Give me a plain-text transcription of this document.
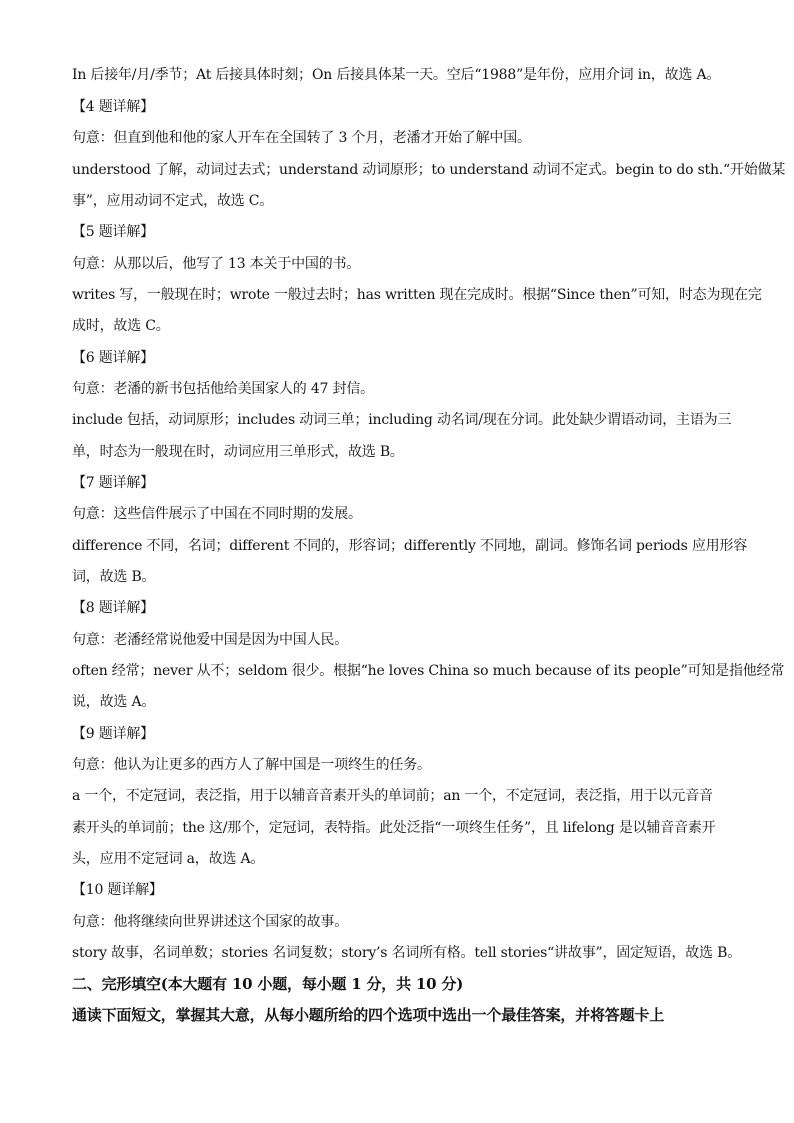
In 后接年/月/季节；At 后接具体时刻；On 后接具体某一天。空后“1988”是年份，应用介词 in，故选 A。
【4 题详解】
句意：但直到他和他的家人开车在全国转了 3 个月，老潘才开始了解中国。
understood 了解，动词过去式；understand 动词原形；to understand 动词不定式。begin to do sth.“开始做某
事”，应用动词不定式，故选 C。
【5 题详解】
句意：从那以后，他写了 13 本关于中国的书。
writes 写，一般现在时；wrote 一般过去时；has written 现在完成时。根据“Since then”可知，时态为现在完
成时，故选 C。
【6 题详解】
句意：老潘的新书包括他给美国家人的 47 封信。
include 包括，动词原形；includes 动词三单；including 动名词/现在分词。此处缺少谓语动词，主语为三
单，时态为一般现在时，动词应用三单形式，故选 B。
【7 题详解】
句意：这些信件展示了中国在不同时期的发展。
difference 不同，名词；different 不同的，形容词；differently 不同地，副词。修饰名词 periods 应用形容
词，故选 B。
【8 题详解】
句意：老潘经常说他爱中国是因为中国人民。
often 经常；never 从不；seldom 很少。根据“he loves China so much because of its people”可知是指他经常
说，故选 A。
【9 题详解】
句意：他认为让更多的西方人了解中国是一项终生的任务。
a 一个，不定冠词，表泛指，用于以辅音音素开头的单词前；an 一个，不定冠词，表泛指，用于以元音音
素开头的单词前；the 这/那个，定冠词，表特指。此处泛指“一项终生任务”，且 lifelong 是以辅音音素开
头，应用不定冠词 a，故选 A。
【10 题详解】
句意：他将继续向世界讲述这个国家的故事。
story 故事，名词单数；stories 名词复数；story’s 名词所有格。tell stories“讲故事”，固定短语，故选 B。
二、完形填空(本大题有 10 小题，每小题 1 分，共 10 分)
通读下面短文，掌握其大意，从每小题所给的四个选项中选出一个最佳答案，并将答题卡上
